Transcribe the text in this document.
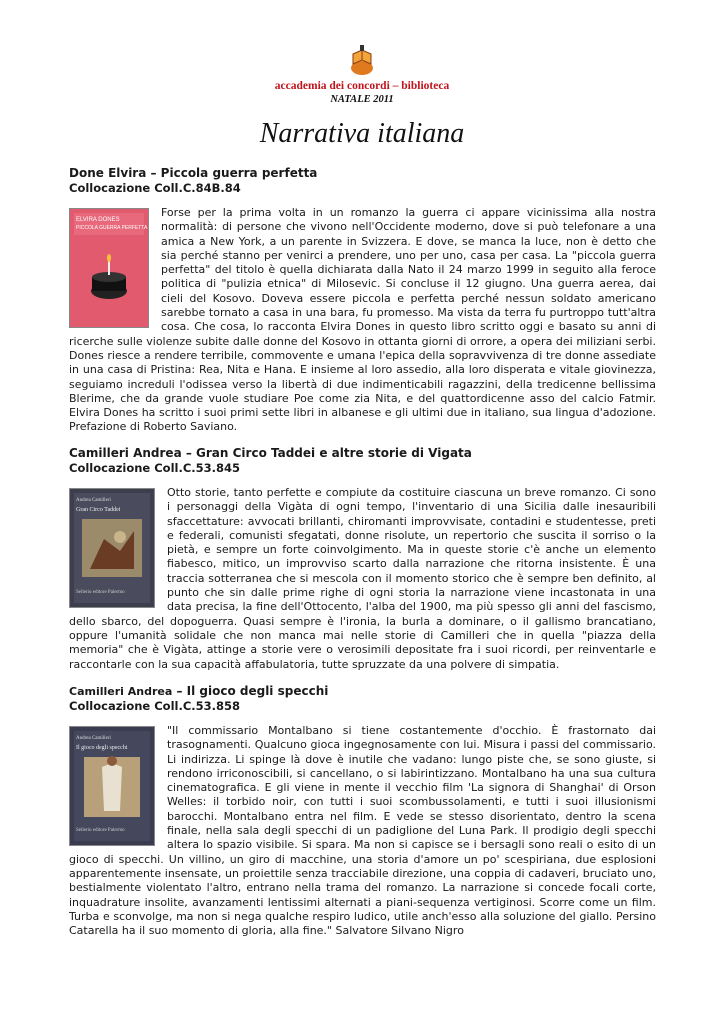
accademia dei concordi – biblioteca
NATALE 2011
Narrativa italiana
Done Elvira – Piccola guerra perfetta
Collocazione Coll.C.84B.84
ELVIRA DONES
PICCOLA GUERRA PERFETTA
Forse per la prima volta in un romanzo la guerra ci appare vicinissima alla nostra normalità: di persone che vivono nell'Occidente moderno, dove si può telefonare a una amica a New York, a un parente in Svizzera. E dove, se manca la luce, non è detto che sia perché stanno per venirci a prendere, uno per uno, casa per casa. La "piccola guerra perfetta" del titolo è quella dichiarata dalla Nato il 24 marzo 1999 in seguito alla feroce politica di "pulizia etnica" di Milosevic. Si concluse il 12 giugno. Una guerra aerea, dai cieli del Kosovo. Doveva essere piccola e perfetta perché nessun soldato americano sarebbe tornato a casa in una bara, fu promesso. Ma vista da terra fu purtroppo tutt'altra cosa. Che cosa, lo racconta Elvira Dones in questo libro scritto oggi e basato su anni di ricerche sulle violenze subite dalle donne del Kosovo in ottanta giorni di orrore, a opera dei miliziani serbi. Dones riesce a rendere terribile, commovente e umana l'epica della sopravvivenza di tre donne assediate in una casa di Pristina: Rea, Nita e Hana. E insieme al loro assedio, alla loro disperata e vitale giovinezza, seguiamo increduli l'odissea verso la libertà di due indimenticabili ragazzini, della tredicenne bellissima Blerime, che da grande vuole studiare Poe come zia Nita, e del quattordicenne asso del calcio Fatmir. Elvira Dones ha scritto i suoi primi sette libri in albanese e gli ultimi due in italiano, sua lingua d'adozione. Prefazione di Roberto Saviano.
Camilleri Andrea – Gran Circo Taddei e altre storie di Vigata
Collocazione Coll.C.53.845
Andrea Camilleri
Gran Circo Taddei
Sellerio editore Palermo
Otto storie, tanto perfette e compiute da costituire ciascuna un breve romanzo. Ci sono i personaggi della Vigàta di ogni tempo, l'inventario di una Sicilia dalle inesauribili sfaccettature: avvocati brillanti, chiromanti improvvisate, contadini e studentesse, preti e federali, comunisti sfegatati, donne risolute, un repertorio che suscita il sorriso o la pietà, e sempre un forte coinvolgimento. Ma in queste storie c'è anche un elemento fiabesco, mitico, un improvviso scarto dalla narrazione che ritorna insistente. È una traccia sotterranea che si mescola con il momento storico che è sempre ben definito, al punto che sin dalle prime righe di ogni storia la narrazione viene incastonata in una data precisa, la fine dell'Ottocento, l'alba del 1900, ma più spesso gli anni del fascismo, dello sbarco, del dopoguerra. Quasi sempre è l'ironia, la burla a dominare, o il gallismo brancatiano, oppure l'umanità solidale che non manca mai nelle storie di Camilleri che in quella "piazza della memoria" che è Vigàta, attinge a storie vere o verosimili depositate fra i suoi ricordi, per reinventarle e raccontarle con la sua capacità affabulatoria, tutte spruzzate da una polvere di simpatia.
Camilleri Andrea – Il gioco degli specchi
Collocazione Coll.C.53.858
Andrea Camilleri
Il gioco degli specchi
Sellerio editore Palermo
"Il commissario Montalbano si tiene costantemente d'occhio. È frastornato dai trasognamenti. Qualcuno gioca ingegnosamente con lui. Misura i passi del commissario. Li indirizza. Li spinge là dove è inutile che vadano: lungo piste che, se sono giuste, si rendono irriconoscibili, si cancellano, o si labirintizzano. Montalbano ha una sua cultura cinematografica. E gli viene in mente il vecchio film 'La signora di Shanghai' di Orson Welles: il torbido noir, con tutti i suoi scombussolamenti, e tutti i suoi illusionismi barocchi. Montalbano entra nel film. E vede se stesso disorientato, dentro la scena finale, nella sala degli specchi di un padiglione del Luna Park. Il prodigio degli specchi altera lo spazio visibile. Si spara. Ma non si capisce se i bersagli sono reali o esito di un gioco di specchi. Un villino, un giro di macchine, una storia d'amore un po' scespiriana, due esplosioni apparentemente insensate, un proiettile senza tracciabile direzione, una coppia di cadaveri, bruciato uno, bestialmente violentato l'altro, entrano nella trama del romanzo. La narrazione si concede focali corte, inquadrature insolite, avanzamenti lentissimi alternati a piani-sequenza vertiginosi. Scorre come un film. Turba e sconvolge, ma non si nega qualche respiro ludico, utile anch'esso alla soluzione del giallo. Persino Catarella ha il suo momento di gloria, alla fine." Salvatore Silvano Nigro
